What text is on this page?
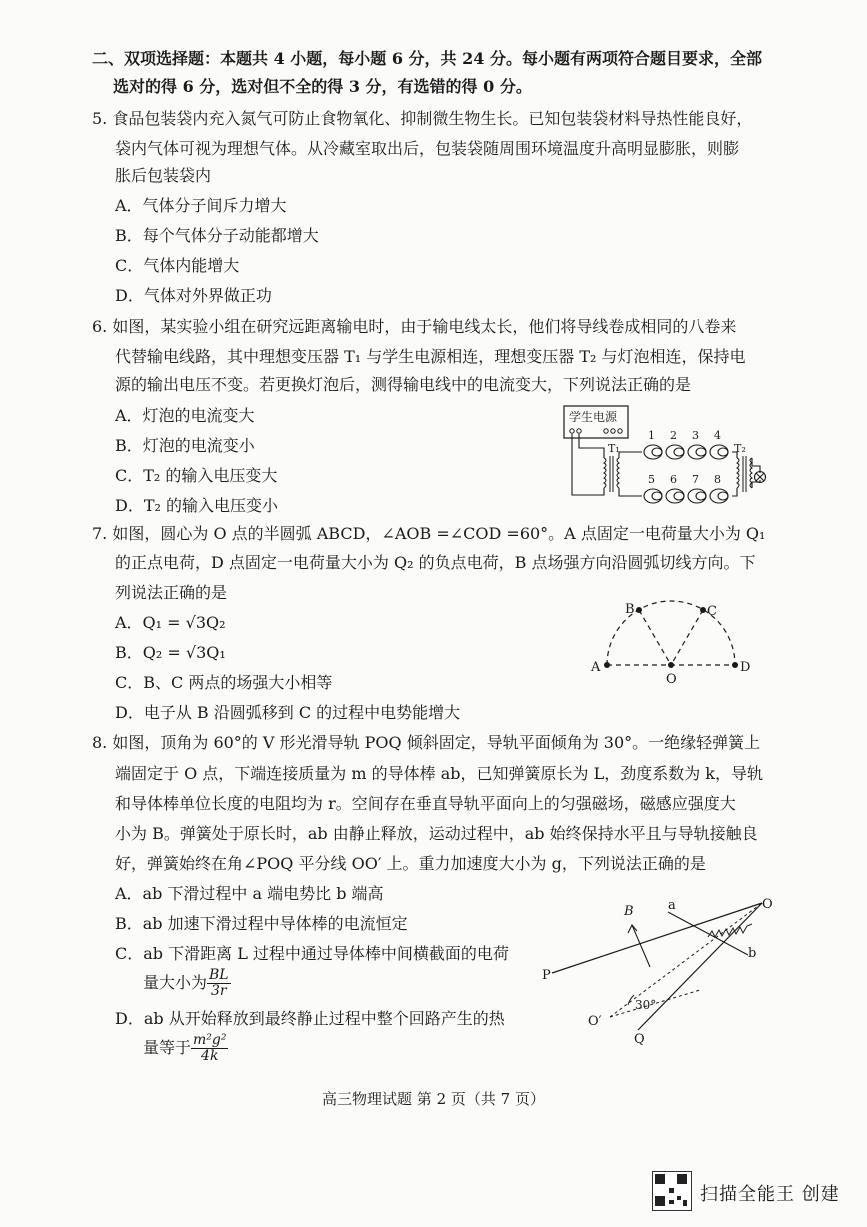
二、双项选择题：本题共 4 小题，每小题 6 分，共 24 分。每小题有两项符合题目要求，全部
选对的得 6 分，选对但不全的得 3 分，有选错的得 0 分。
5. 食品包装袋内充入氮气可防止食物氧化、抑制微生物生长。已知包装袋材料导热性能良好，
袋内气体可视为理想气体。从冷藏室取出后，包装袋随周围环境温度升高明显膨胀，则膨
胀后包装袋内
A．气体分子间斥力增大
B．每个气体分子动能都增大
C．气体内能增大
D．气体对外界做正功
6. 如图，某实验小组在研究远距离输电时，由于输电线太长，他们将导线卷成相同的八卷来
代替输电线路，其中理想变压器 T₁ 与学生电源相连，理想变压器 T₂ 与灯泡相连，保持电
源的输出电压不变。若更换灯泡后，测得输电线中的电流变大，下列说法正确的是
A．灯泡的电流变大
B．灯泡的电流变小
C．T₂ 的输入电压变大
D．T₂ 的输入电压变小
学生电源
T₁
1 2 3 4
5 6 7 8
T₂
7. 如图，圆心为 O 点的半圆弧 ABCD，∠AOB =∠COD =60°。A 点固定一电荷量大小为 Q₁
的正点电荷，D 点固定一电荷量大小为 Q₂ 的负点电荷，B 点场强方向沿圆弧切线方向。下
列说法正确的是
A．Q₁ = √3Q₂
B．Q₂ = √3Q₁
C．B、C 两点的场强大小相等
D．电子从 B 沿圆弧移到 C 的过程中电势能增大
A
B	C
D
O
8. 如图，顶角为 60°的 V 形光滑导轨 POQ 倾斜固定，导轨平面倾角为 30°。一绝缘轻弹簧上
端固定于 O 点，下端连接质量为 m 的导体棒 ab，已知弹簧原长为 L，劲度系数为 k，导轨
和导体棒单位长度的电阻均为 r。空间存在垂直导轨平面向上的匀强磁场，磁感应强度大
小为 B。弹簧处于原长时，ab 由静止释放，运动过程中，ab 始终保持水平且与导轨接触良
好，弹簧始终在角∠POQ 平分线 OO′ 上。重力加速度大小为 g，下列说法正确的是
A．ab 下滑过程中 a 端电势比 b 端高
B．ab 加速下滑过程中导体棒的电流恒定
C．ab 下滑距离 L 过程中通过导体棒中间横截面的电荷
量大小为 $\frac{BL}{3r}$
D．ab 从开始释放到最终静止过程中整个回路产生的热
量等于 $\frac{\text{m²g²}}{4k}$
B	a
b
O
P
Q
O′
30°
高三物理试题 第 2 页（共 7 页）
扫描全能王 创建
